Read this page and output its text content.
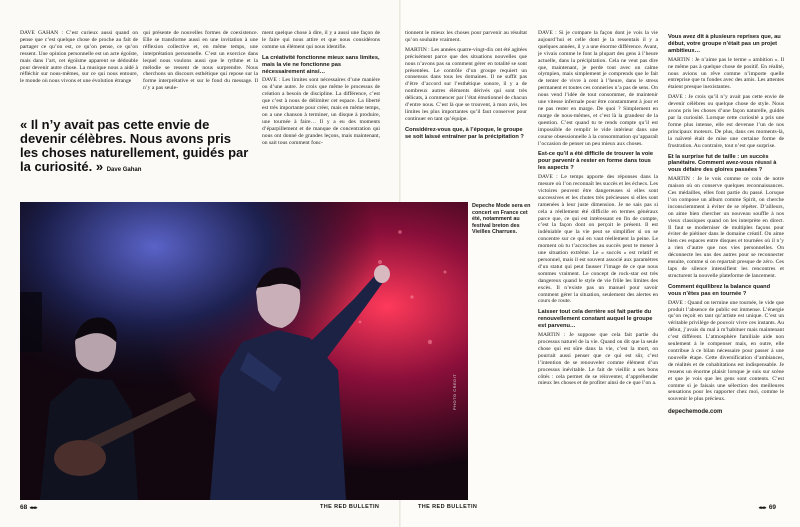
DAVE GAHAN : C’est curieux aussi quand on pense que c’est quelque chose de proche au fait de partager ce qu’on est, ce qu’on pense, ce qu’on ressent. Une opinion personnelle est un acte égoïste, mais dans l’art, cet égoïsme apparent se dédouble pour devenir autre chose. La musique nous a aidé à réfléchir sur nous-mêmes, sur ce qui nous entoure, le monde où nous vivons et une évolution étrange

qui présente de nouvelles formes de coexistence. Elle se transforme aussi en une invitation à une réflexion collective et, en même temps, une interprétation personnelle. C’est un exercice dans lequel nous voulons aussi que le rythme et la mélodie se ressent de nous surprendre. Nous cherchons un discours esthétique qui repose sur la forme interprétative et sur le fond du message. Il n’y a pas seule-

ment quelque chose à dire, il y a aussi une façon de le faire qui nous attire et que nous considérons comme un élément qui nous identifie.

La créativité fonctionne mieux sans limites, mais la vie ne fonctionne pas nécessairement ainsi…

DAVE : Les limites sont nécessaires d’une manière ou d’une autre. Je crois que même le processus de création a besoin de discipline. La différence, c’est que c’est à nous de délimiter cet espace. La liberté est très importante pour créer, mais en même temps, on a une chanson à terminer, un disque à produire, une tournée à faire… Il y a eu des moments d’éparpillement et de manque de concentration qui nous ont donné de grandes leçons, mais maintenant, on sait tous comment fonc-

tionnent le mieux les choses pour parvenir au résultat qu’on souhaite vraiment.

MARTIN : Les années quatre-vingt-dix ont été agitées précisément parce que des situations nouvelles que nous n’avons pas su comment gérer en totalité se sont présentées. Le contrôle d’un groupe requiert un consensus dans tous les domaines. Il ne suffit pas d’être d’accord sur l’esthétique sonore, il y a de nombreux autres éléments dérivés qui sont très délicats, à commencer par l’état émotionnel de chacun d’entre nous. C’est là que se trouvent, à mon avis, les limites les plus importantes qu’il faut conserver pour continuer en tant qu’équipe.

Considérez-vous que, à l’époque, le groupe se soit laissé entraîner par la précipitation ?

« Il n’y avait pas cette envie de devenir célèbres. Nous avons pris les choses naturellement, guidés par la curiosité. » Dave Gahan
PHOTO CREDIT
Depeche Mode sera en concert en France cet été, notamment au festival breton des Vieilles Charrues.

DAVE : Si je compare la façon dont je vois la vie aujourd’hui et celle dont je la ressentais il y a quelques années, il y a une énorme différence. Avant, je vivais comme le font la plupart des gens à l’heure actuelle, dans la précipitation. Cela ne veut pas dire que, maintenant, je perde tout avec un calme olympien, mais simplement je comprends que le fait de tenter de vivre à cent à l’heure, dans le stress permanent et toutes ces conneries n’a pas de sens. On nous vend l’idée de tout consommer, de maintenir une vitesse infernale pour être constamment à jour et ne pas rester en marge. De quoi ? Simplement en marge de nous-mêmes, et c’est là la grandeur de la question. C’est quand tu te rends compte qu’il est impossible de remplir le vide intérieur dans une course obsessionnelle à la consommation qu’apparaît l’occasion de penser un peu mieux aux choses.

Est-ce qu’il a été difficile de trouver la voie pour parvenir à rester en forme dans tous les aspects ?

DAVE : Le temps apporte des réponses dans la mesure où l’on reconnaît les succès et les échecs. Les victoires peuvent être dangereuses si elles sont successives et les chutes très précieuses si elles sont ramenées à leur juste dimension. Je ne sais pas si cela a réellement été difficile en termes généraux parce que, ce qui est intéressant en fin de compte, c’est la façon dont on perçoit le présent. Il est indéniable que la vie peut se simplifier si on se concentre sur ce qui en vaut réellement la peine. Le moment où tu t’accroches au succès peut te mener à une situation extrême. Le « succès » est relatif et personnel, mais il est souvent associé aux paramètres d’un statut qui peut fausser l’image de ce que nous sommes vraiment. Le concept de rock-star est très dangereux quand le style de vie frôle les limites des excès. Il n’existe pas un manuel pour savoir comment gérer la situation, seulement des alertes en cours de route.

Laisser tout cela derrière soi fait partie du renouvellement constant auquel le groupe est parvenu…

MARTIN : Je suppose que cela fait partie du processus naturel de la vie. Quand on dit que la seule chose qui est sûre dans la vie, c’est la mort, on pourrait aussi penser que ce qui est sûr, c’est l’intention de se renouveler comme élément d’un processus inévitable. Le fait de vieillir a ses bons côtés : cela permet de se réinventer, d’appréhender mieux les choses et de profiter ainsi de ce que l’on a.

Vous avez dit à plusieurs reprises que, au début, votre groupe n’était pas un projet ambitieux…

MARTIN : Je n’aime pas le terme « ambition ». Il ne même pas à quelque chose de positif. En réalité, nous avions un rêve comme n’importe quelle entreprise que tu fondes avec des amis. Les attentes étaient presque inexistantes.

DAVE : Je crois qu’il n’y avait pas cette envie de devenir célèbres ou quelque chose de style. Nous avons pris les choses d’une façon naturelle, guidés par la curiosité. Lorsque cette curiosité a pris une forme plus intense, elle est devenue l’un de nos principaux moteurs. De plus, dans ces moments-là, la naïveté était de mise une certaine forme de frustration. Au contraire, tout n’est que surprise.

Et la surprise fut de taille : un succès planétaire. Comment avez-vous réussi à vous défaire des gloires passées ?

MARTIN : Je le vois comme ce coin de notre maison où on conserve quelques reconnaissances. Ces médailles, elles font partie du passé. Lorsque l’on compose un album comme Spirit, on cherche inconsciemment à éviter de se répéter. D’ailleurs, on aime bien chercher un nouveau souffle à nos vieux classiques quand on les interprète en direct. Il faut se moderniser de multiples façons pour éviter de piétiner dans le domaine créatif. On aime bien ces espaces entre disques et tournées où il n’y a rien d’autre que nos vies personnelles. On déconnecte les uns des autres pour se reconnecter ensuite, comme si on repartait presque de zéro. Ces laps de silence intensifient les rencontres et structurent la nouvelle plateforme de lancement.

Comment équilibrez la balance quand vous n’êtes pas en tournée ?

DAVE : Quand on termine une tournée, le vide que produit l’absence de public est immense. L’énergie qu’on reçoit en tant qu’artiste est unique. C’est un véritable privilège de pouvoir vivre ces instants. Au début, j’avais du mal à m’habituer mais maintenant c’est différent. L’atmosphère familiale aide non seulement à le compenser mais, en outre, elle contribue à ce bilan nécessaire pour passer à une nouvelle étape. Cette diversification d’ambiances, de réalités et de cohabitations est indispensable. Je ressens un énorme plaisir lorsque je suis sur scène et que je vois que les gens sont contents. C’est comme si je faisais une sélection des meilleures sensations pour les rapporter chez moi, comme le souvenir le plus précieux.

depechemode.com
68	THE RED BULLETIN	THE RED BULLETIN	69
